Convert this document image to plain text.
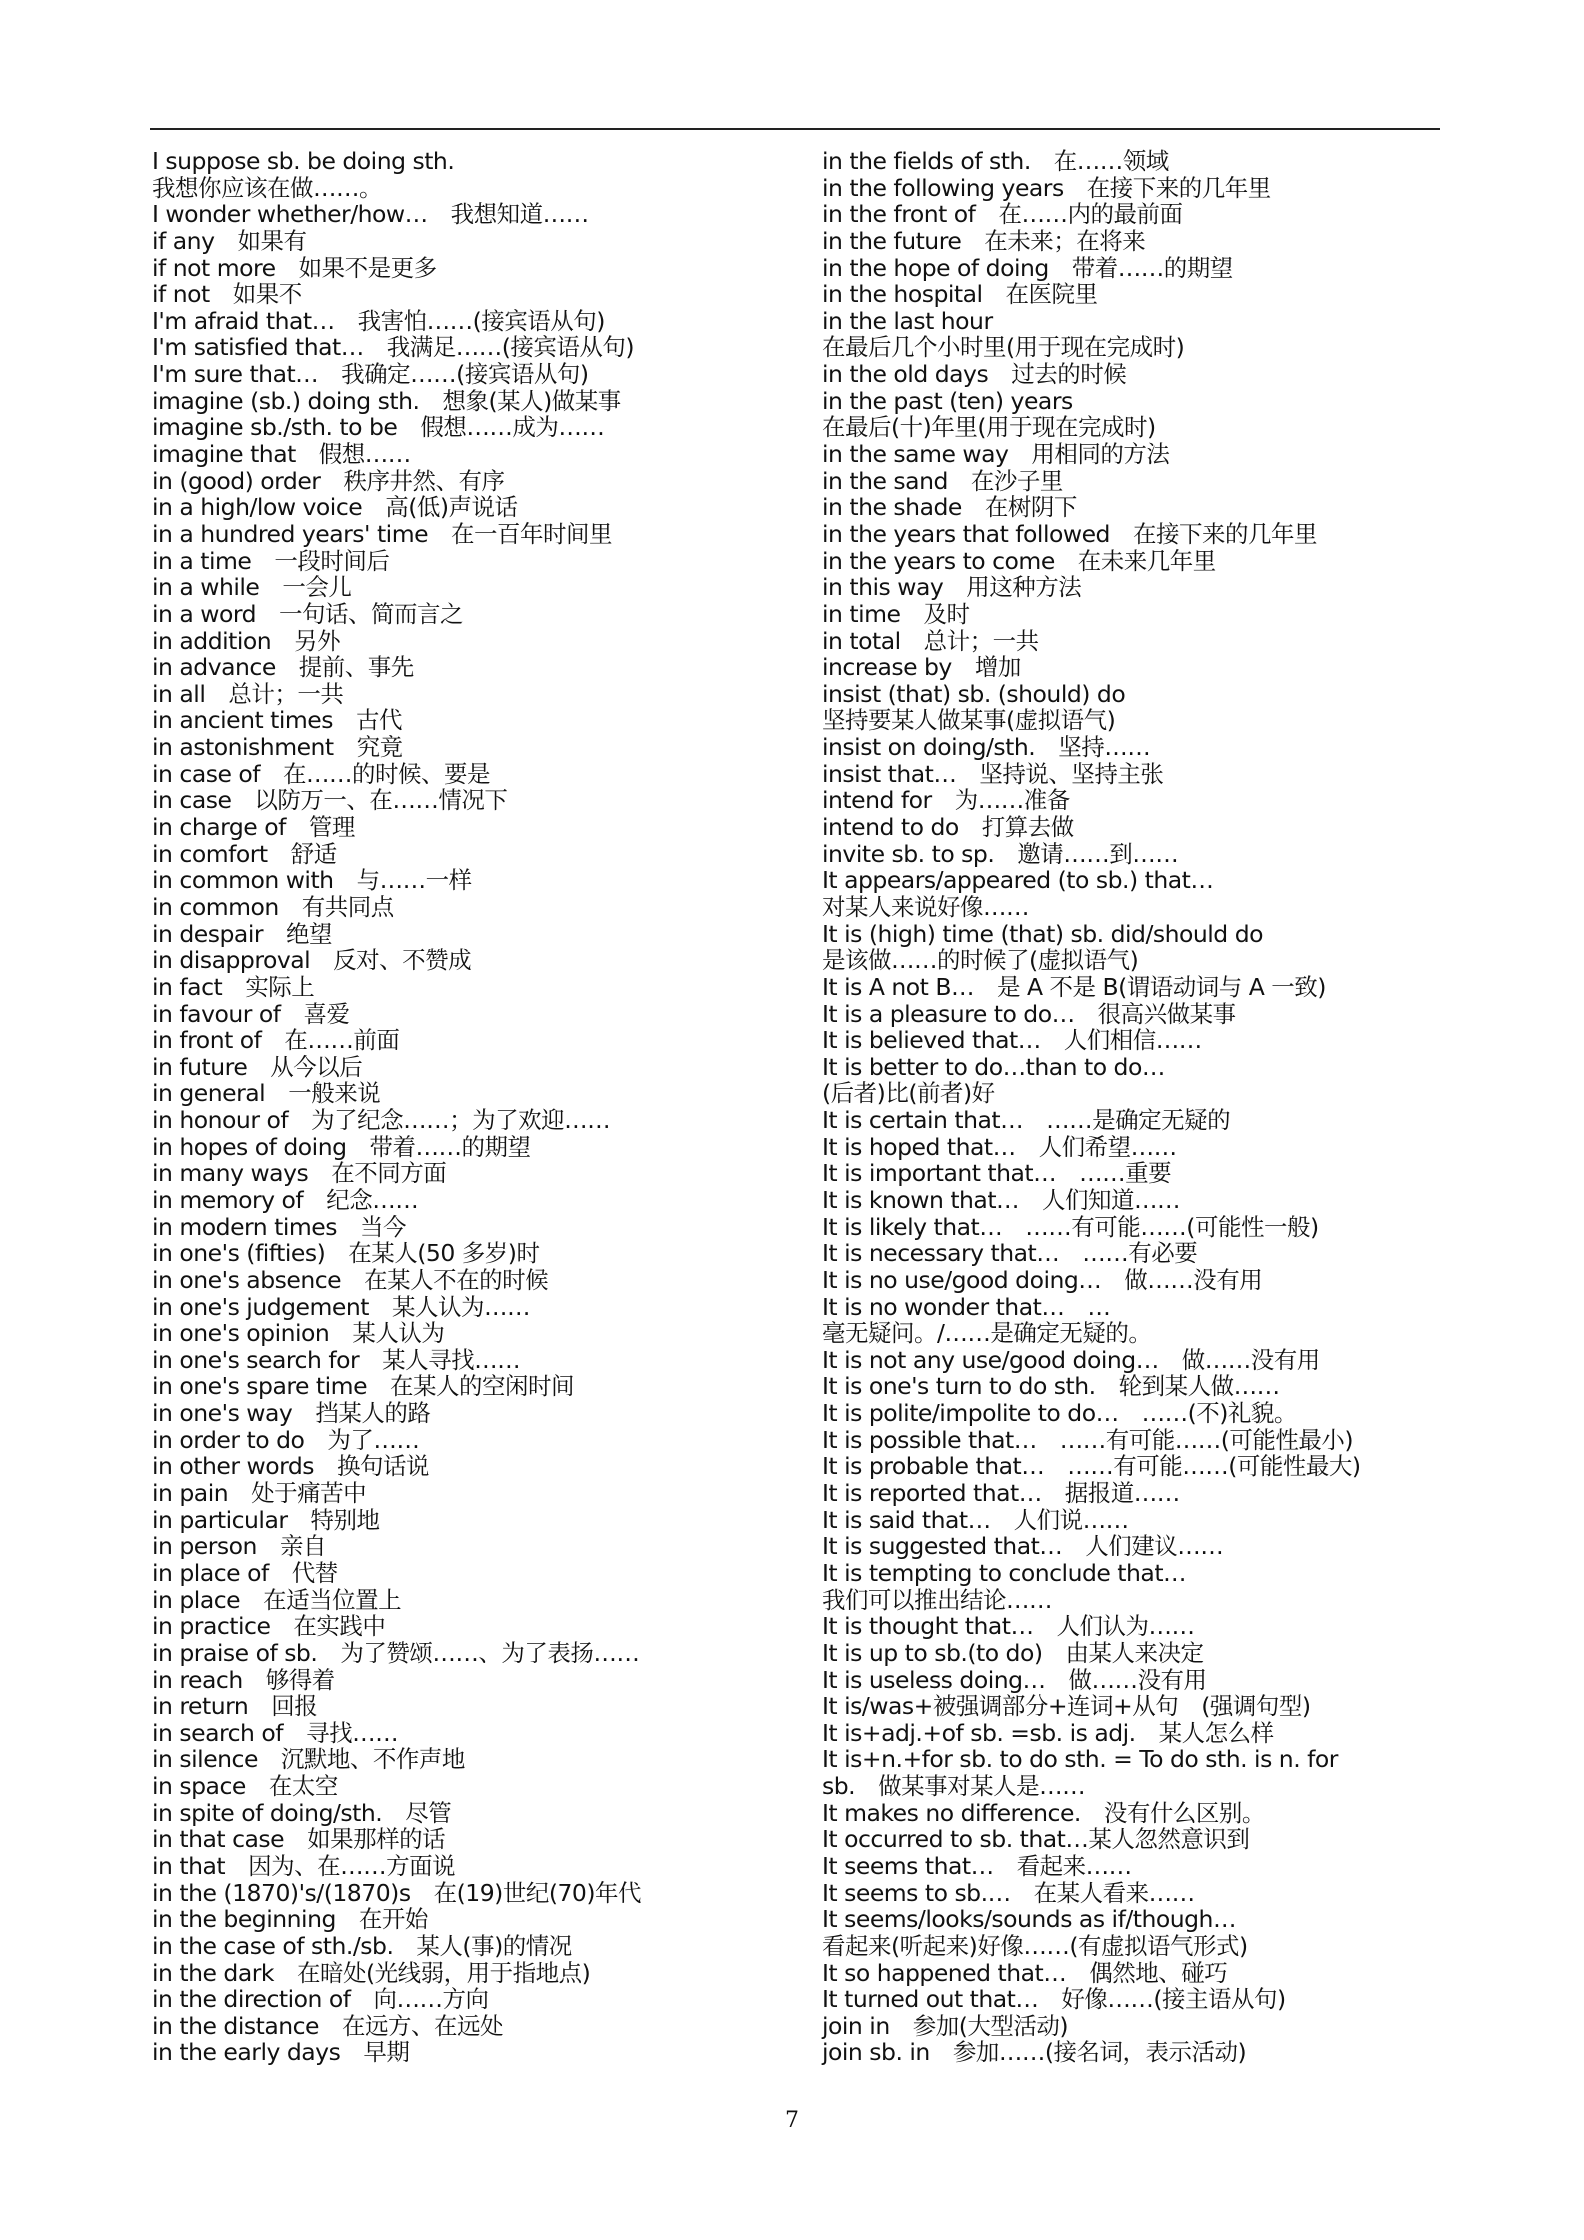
I suppose sb. be doing sth.
我想你应该在做……。
I wonder whether/how…　我想知道……
if any　如果有
if not more　如果不是更多
if not　如果不
I'm afraid that…　我害怕……(接宾语从句)
I'm satisfied that…　我满足……(接宾语从句)
I'm sure that…　我确定……(接宾语从句)
imagine (sb.) doing sth.　想象(某人)做某事
imagine sb./sth. to be　假想……成为……
imagine that　假想……
in (good) order　秩序井然、有序
in a high/low voice　高(低)声说话
in a hundred years' time　在一百年时间里
in a time　一段时间后
in a while　一会儿
in a word　一句话、简而言之
in addition　另外
in advance　提前、事先
in all　总计；一共
in ancient times　古代
in astonishment　究竟
in case of　在……的时候、要是
in case　以防万一、在……情况下
in charge of　管理
in comfort　舒适
in common with　与……一样
in common　有共同点
in despair　绝望
in disapproval　反对、不赞成
in fact　实际上
in favour of　喜爱
in front of　在……前面
in future　从今以后
in general　一般来说
in honour of　为了纪念……；为了欢迎……
in hopes of doing　带着……的期望
in many ways　在不同方面
in memory of　纪念……
in modern times　当今
in one's (fifties)　在某人(50 多岁)时
in one's absence　在某人不在的时候
in one's judgement　某人认为……
in one's opinion　某人认为
in one's search for　某人寻找……
in one's spare time　在某人的空闲时间
in one's way　挡某人的路
in order to do　为了……
in other words　换句话说
in pain　处于痛苦中
in particular　特别地
in person　亲自
in place of　代替
in place　在适当位置上
in practice　在实践中
in praise of sb.　为了赞颂……、为了表扬……
in reach　够得着
in return　回报
in search of　寻找……
in silence　沉默地、不作声地
in space　在太空
in spite of doing/sth.　尽管
in that case　如果那样的话
in that　因为、在……方面说
in the (1870)'s/(1870)s　在(19)世纪(70)年代
in the beginning　在开始
in the case of sth./sb.　某人(事)的情况
in the dark　在暗处(光线弱，用于指地点)
in the direction of　向……方向
in the distance　在远方、在远处
in the early days　早期
in the fields of sth.　在……领域
in the following years　在接下来的几年里
in the front of　在……内的最前面
in the future　在未来；在将来
in the hope of doing　带着……的期望
in the hospital　在医院里
in the last hour
在最后几个小时里(用于现在完成时)
in the old days　过去的时候
in the past (ten) years
在最后(十)年里(用于现在完成时)
in the same way　用相同的方法
in the sand　在沙子里
in the shade　在树阴下
in the years that followed　在接下来的几年里
in the years to come　在未来几年里
in this way　用这种方法
in time　及时
in total　总计；一共
increase by　增加
insist (that) sb. (should) do
坚持要某人做某事(虚拟语气)
insist on doing/sth.　坚持……
insist that…　坚持说、坚持主张
intend for　为……准备
intend to do　打算去做
invite sb. to sp.　邀请……到……
It appears/appeared (to sb.) that…
对某人来说好像……
It is (high) time (that) sb. did/should do
是该做……的时候了(虚拟语气)
It is A not B…　是 A 不是 B(谓语动词与 A 一致)
It is a pleasure to do…　很高兴做某事
It is believed that…　人们相信……
It is better to do…than to do…
(后者)比(前者)好
It is certain that…　……是确定无疑的
It is hoped that…　人们希望……
It is important that…　……重要
It is known that…　人们知道……
It is likely that…　……有可能……(可能性一般)
It is necessary that…　……有必要
It is no use/good doing…　做……没有用
It is no wonder that…　…
毫无疑问。/……是确定无疑的。
It is not any use/good doing…　做……没有用
It is one's turn to do sth.　轮到某人做……
It is polite/impolite to do…　……(不)礼貌。
It is possible that…　……有可能……(可能性最小)
It is probable that…　……有可能……(可能性最大)
It is reported that…　据报道……
It is said that…　人们说……
It is suggested that…　人们建议……
It is tempting to conclude that…
我们可以推出结论……
It is thought that…　人们认为……
It is up to sb.(to do)　由某人来决定
It is useless doing…　做……没有用
It is/was+被强调部分+连词+从句　(强调句型)
It is+adj.+of sb. =sb. is adj.　某人怎么样
It is+n.+for sb. to do sth. = To do sth. is n. for
sb.　做某事对某人是……
It makes no difference.　没有什么区别。
It occurred to sb. that…某人忽然意识到
It seems that…　看起来……
It seems to sb.…　在某人看来……
It seems/looks/sounds as if/though…
看起来(听起来)好像……(有虚拟语气形式)
It so happened that…　偶然地、碰巧
It turned out that…　好像……(接主语从句)
join in　参加(大型活动)
join sb. in　参加……(接名词，表示活动)
7
